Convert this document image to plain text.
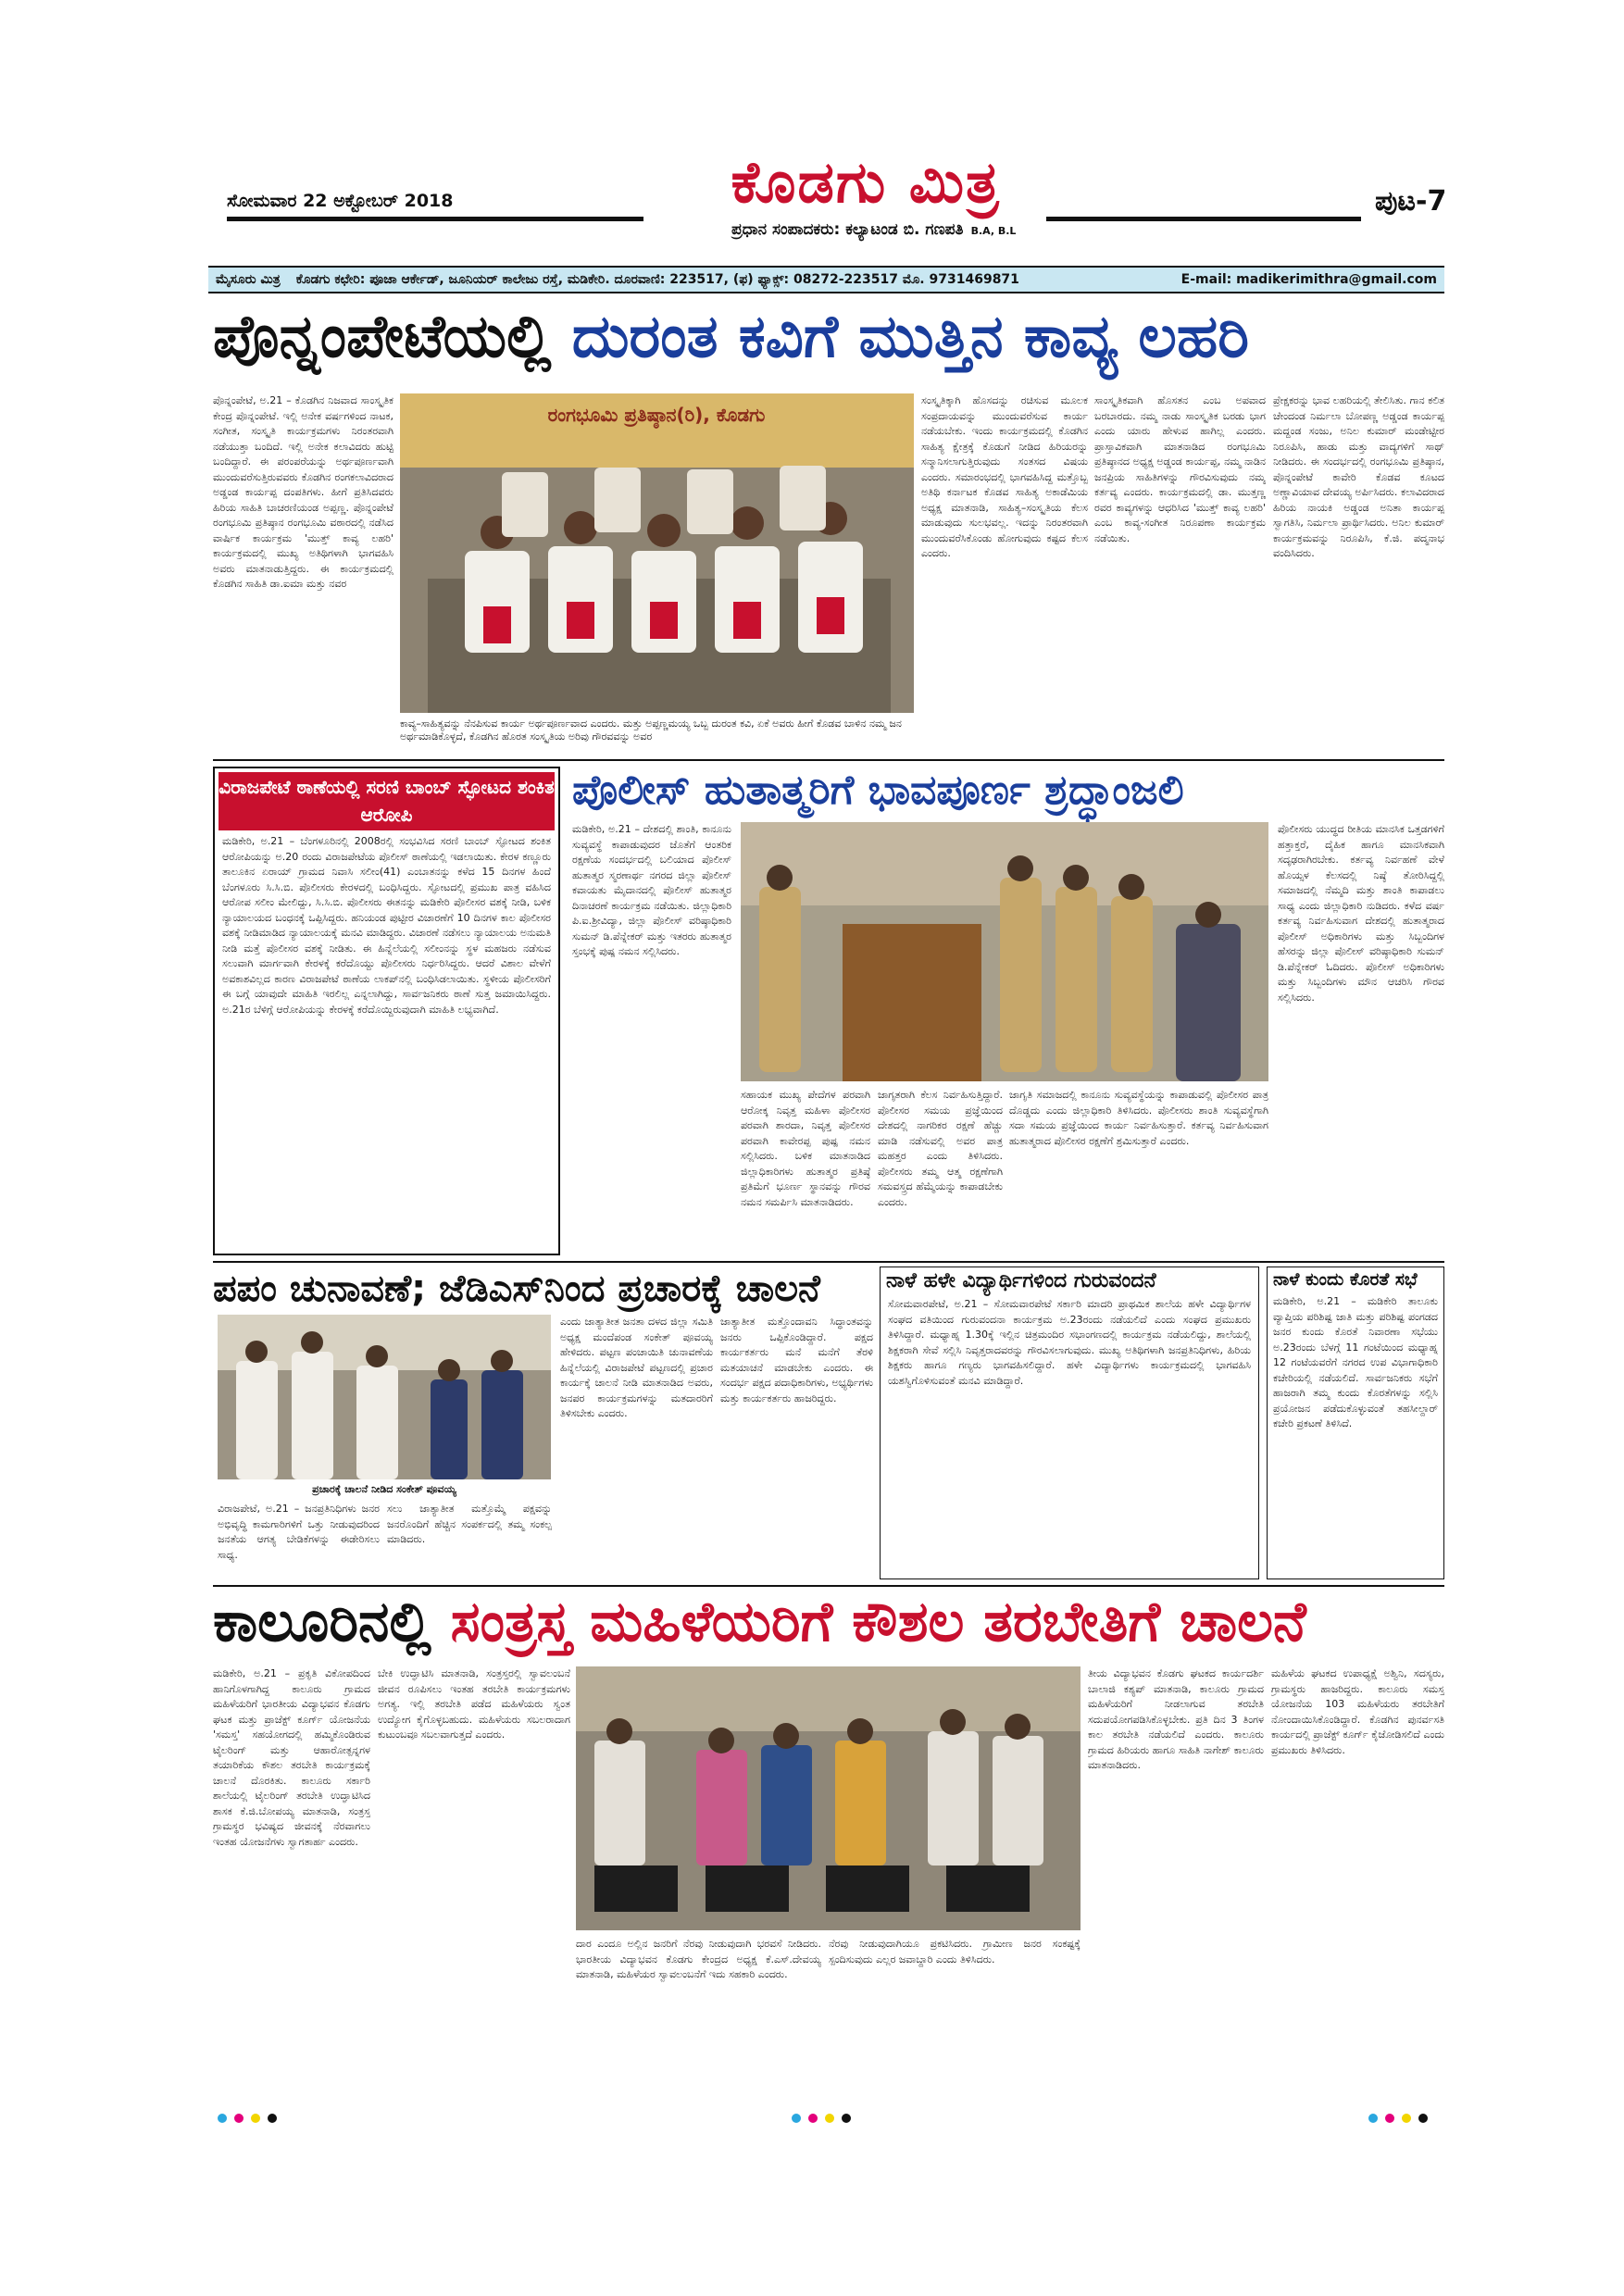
ಸೋಮವಾರ 22 ಅಕ್ಟೋಬರ್ 2018	ಕೊಡಗು ಮಿತ್ರ
ಪ್ರಧಾನ ಸಂಪಾದಕರು: ಕಲ್ಯಾಟಂಡ ಬಿ. ಗಣಪತಿ B.A, B.L
ಪುಟ-7
ಮೈಸೂರು ಮಿತ್ರ ಕೊಡಗು ಕಛೇರಿ: ಪೂಜಾ ಆರ್ಕೇಡ್, ಜೂನಿಯರ್ ಕಾಲೇಜು ರಸ್ತೆ, ಮಡಿಕೇರಿ. ದೂರವಾಣಿ: 223517, (ಫ) ಫ್ಯಾಕ್ಸ್: 08272-223517 ಮೊ. 9731469871	E-mail: madikerimithra@gmail.com
ಪೊನ್ನಂಪೇಟೆಯಲ್ಲಿ ದುರಂತ ಕವಿಗೆ ಮುತ್ತಿನ ಕಾವ್ಯ ಲಹರಿ
ಪೊನ್ನಂಪೇಟೆ, ಅ.21 – ಕೊಡಗಿನ ನಿಜವಾದ ಸಾಂಸ್ಕೃತಿಕ ಕೇಂದ್ರ ಪೊನ್ನಂಪೇಟೆ. ಇಲ್ಲಿ ಅನೇಕ ವರ್ಷಗಳಿಂದ ನಾಟಕ, ಸಂಗೀತ, ಸಂಸ್ಕೃತಿ ಕಾರ್ಯಕ್ರಮಗಳು ನಿರಂತರವಾಗಿ ನಡೆಯುತ್ತಾ ಬಂದಿದೆ. ಇಲ್ಲಿ ಅನೇಕ ಕಲಾವಿದರು ಹುಟ್ಟಿ ಬಂದಿದ್ದಾರೆ. ಈ ಪರಂಪರೆಯನ್ನು ಅರ್ಥಪೂರ್ಣವಾಗಿ ಮುಂದುವರೆಸುತ್ತಿರುವವರು ಕೊಡಗಿನ ರಂಗಕಲಾವಿದರಾದ ಅಡ್ಡಂಡ ಕಾರ್ಯಪ್ಪ ದಂಪತಿಗಳು. ಹೀಗೆ ಪ್ರತಿಸಿದವರು ಹಿರಿಯ ಸಾಹಿತಿ ಬಾಚರಣಿಯಂಡ ಅಪ್ಪಣ್ಣ. ಪೊನ್ನಂಪೇಟೆ ರಂಗಭೂಮಿ ಪ್ರತಿಷ್ಠಾನ ರಂಗಭೂಮಿ ವಠಾರದಲ್ಲಿ ನಡೆಸಿದ ವಾರ್ಷಿಕ ಕಾರ್ಯಕ್ರಮ 'ಮುತ್ತ್ ಕಾವ್ಯ ಲಹರಿ' ಕಾರ್ಯಕ್ರಮದಲ್ಲಿ ಮುಖ್ಯ ಅತಿಥಿಗಳಾಗಿ ಭಾಗವಹಿಸಿ ಅವರು ಮಾತನಾಡುತ್ತಿದ್ದರು. ಈ ಕಾರ್ಯಕ್ರಮದಲ್ಲಿ ಕೊಡಗಿನ ಸಾಹಿತಿ ಡಾ.ಐಮಾ ಮತ್ತು ನವರ
ರಂಗಭೂಮಿ ಪ್ರತಿಷ್ಠಾನ(ರಿ), ಕೊಡಗು
ಕಾವ್ಯ–ಸಾಹಿತ್ಯವನ್ನು ನೆನಪಿಸುವ ಕಾರ್ಯ ಅರ್ಥಪೂರ್ಣವಾದ ಎಂದರು. ಮತ್ತು ಅಪ್ಪಣ್ಣಮಯ್ಯ ಒಬ್ಬ ದುರಂತ ಕವಿ, ಏಕೆ ಅವರು ಹೀಗೆ ಕೊಡವ ಬಾಳಿನ ನಮ್ಮ ಜನ ಅರ್ಥಮಾಡಿಕೊಳ್ಳದೆ, ಕೊಡಗಿನ ಹೊರತ ಸಂಸ್ಕೃತಿಯ ಅರಿವು ಗೌರವವನ್ನು ಅವರ
ಸಂಸ್ಕೃತಿಕ್ಕಾಗಿ ಹೊಸದನ್ನು ರಚಿಸುವ ಮೂಲಕ ಸಂಪ್ರದಾಯವನ್ನು ಮುಂದುವರೆಸುವ ಕಾರ್ಯ ನಡೆಯಬೇಕು. ಇಂದು ಕಾರ್ಯಕ್ರಮದಲ್ಲಿ ಕೊಡಗಿನ ಸಾಹಿತ್ಯ ಕ್ಷೇತ್ರಕ್ಕೆ ಕೊಡುಗೆ ನೀಡಿದ ಹಿರಿಯರನ್ನು ಸನ್ಮಾನಿಸಲಾಗುತ್ತಿರುವುದು ಸಂತಸದ ವಿಷಯ ಎಂದರು. ಸಮಾರಂಭದಲ್ಲಿ ಭಾಗವಹಿಸಿದ್ದ ಮತ್ತೊಬ್ಬ ಅತಿಥಿ ಕರ್ನಾಟಕ ಕೊಡವ ಸಾಹಿತ್ಯ ಅಕಾಡೆಮಿಯ ಅಧ್ಯಕ್ಷ ಮಾತನಾಡಿ, ಸಾಹಿತ್ಯ–ಸಂಸ್ಕೃತಿಯ ಕೆಲಸ ಮಾಡುವುದು ಸುಲಭವಲ್ಲ. ಇದನ್ನು ನಿರಂತರವಾಗಿ ಮುಂದುವರೆಸಿಕೊಂಡು ಹೋಗುವುದು ಕಷ್ಟದ ಕೆಲಸ ಎಂದರು.
ಸಾಂಸ್ಕೃತಿಕವಾಗಿ ಹೊಸತನ ಎಂಬ ಅಪವಾದ ಬರಬಾರದು. ನಮ್ಮ ನಾಡು ಸಾಂಸ್ಕೃತಿಕ ಬರಡು ಭಾಗ ಎಂದು ಯಾರು ಹೇಳುವ ಹಾಗಿಲ್ಲ ಎಂದರು. ಪ್ರಾಸ್ತಾವಿಕವಾಗಿ ಮಾತನಾಡಿದ ರಂಗಭೂಮಿ ಪ್ರತಿಷ್ಠಾನದ ಅಧ್ಯಕ್ಷ ಅಡ್ಡಂಡ ಕಾರ್ಯಪ್ಪ, ನಮ್ಮ ನಾಡಿನ ಜನಪ್ರಿಯ ಸಾಹಿತಿಗಳನ್ನು ಗೌರವಿಸುವುದು ನಮ್ಮ ಕರ್ತವ್ಯ ಎಂದರು. ಕಾರ್ಯಕ್ರಮದಲ್ಲಿ ಡಾ. ಮುತ್ತಣ್ಣ ರವರ ಕಾವ್ಯಗಳನ್ನು ಆಧರಿಸಿದ 'ಮುತ್ತ್ ಕಾವ್ಯ ಲಹರಿ' ಎಂಬ ಕಾವ್ಯ-ಸಂಗೀತ ನಿರೂಪಣಾ ಕಾರ್ಯಕ್ರಮ ನಡೆಯಿತು.
ಪ್ರೇಕ್ಷಕರನ್ನು ಭಾವ ಲಹರಿಯಲ್ಲಿ ತೇಲಿಸಿತು. ಗಾನ ಕಲಿತ ಚೇಂದಂಡ ನಿರ್ಮಲಾ ಬೋಪಣ್ಣ ಅಡ್ಡಂಡ ಕಾರ್ಯಪ್ಪ ಮದ್ದಂಡ ಸಂಜು, ಅನಿಲ ಕುಮಾರ್ ಮಂಡೇಟ್ಟೀರ ನಿರೂಪಿಸಿ, ಹಾಡು ಮತ್ತು ವಾದ್ಯಗಳಿಗೆ ಸಾಥ್ ನೀಡಿದರು. ಈ ಸಂದರ್ಭದಲ್ಲಿ ರಂಗಭೂಮಿ ಪ್ರತಿಷ್ಠಾನ, ಪೊನ್ನಂಪೇಟೆ ಕಾವೇರಿ ಕೊಡವ ಕೂಟದ ಅಣ್ಣಾವಿಯಾವ ದೇವಯ್ಯ ಅರ್ಪಿಸಿದರು. ಕಲಾವಿದರಾದ ಹಿರಿಯ ನಾಯಕಿ ಅಡ್ಡಂಡ ಅನಿತಾ ಕಾರ್ಯಪ್ಪ ಸ್ವಾಗತಿಸಿ, ನಿರ್ಮಲಾ ಪ್ರಾರ್ಥಿಸಿದರು. ಅನಿಲ ಕುಮಾರ್ ಕಾರ್ಯಕ್ರಮವನ್ನು ನಿರೂಪಿಸಿ, ಕೆ.ಜಿ. ಪದ್ಮನಾಭ ವಂದಿಸಿದರು.
ವಿರಾಜಪೇಟೆ ಠಾಣೆಯಲ್ಲಿ ಸರಣಿ ಬಾಂಬ್ ಸ್ಫೋಟದ ಶಂಕಿತ ಆರೋಪಿ
ಮಡಿಕೇರಿ, ಅ.21 – ಬೆಂಗಳೂರಿನಲ್ಲಿ 2008ರಲ್ಲಿ ಸಂಭವಿಸಿದ ಸರಣಿ ಬಾಂಬ್ ಸ್ಫೋಟದ ಶಂಕಿತ ಆರೋಪಿಯನ್ನು ಅ.20 ರಂದು ವಿರಾಜಪೇಟೆಯ ಪೊಲೀಸ್ ಠಾಣೆಯಲ್ಲಿ ಇಡಲಾಯಿತು. ಕೇರಳ ಕಣ್ಣೂರು ತಾಲೂಕಿನ ಏರಾಯ್ ಗ್ರಾಮದ ನಿವಾಸಿ ಸಲೀಂ(41) ಎಂಬಾತನನ್ನು ಕಳೆದ 15 ದಿನಗಳ ಹಿಂದೆ ಬೆಂಗಳೂರು ಸಿ.ಸಿ.ಬಿ. ಪೊಲೀಸರು ಕೇರಳದಲ್ಲಿ ಬಂಧಿಸಿದ್ದರು. ಸ್ಫೋಟದಲ್ಲಿ ಪ್ರಮುಖ ಪಾತ್ರ ವಹಿಸಿದ ಆರೋಪ ಸಲೀಂ ಮೇಲಿದ್ದು, ಸಿ.ಸಿ.ಬಿ. ಪೊಲೀಸರು ಈತನನ್ನು ಮಡಿಕೇರಿ ಪೊಲೀಸರ ವಶಕ್ಕೆ ನೀಡಿ, ಬಳಿಕ ನ್ಯಾಯಾಲಯದ ಬಂಧನಕ್ಕೆ ಒಪ್ಪಿಸಿದ್ದರು. ಹನಿಯಂಡ ಪುಟ್ಟೀರ ವಿಚಾರಣೆಗೆ 10 ದಿನಗಳ ಕಾಲ ಪೊಲೀಸರ ವಶಕ್ಕೆ ನೀಡಿಮಾಡಿದ ನ್ಯಾಯಾಲಯಕ್ಕೆ ಮನವಿ ಮಾಡಿದ್ದರು. ವಿಚಾರಣೆ ನಡೆಸಲು ನ್ಯಾಯಾಲಯ ಅನುಮತಿ ನೀಡಿ ಮತ್ತೆ ಪೊಲೀಸರ ವಶಕ್ಕೆ ನೀಡಿತು. ಈ ಹಿನ್ನೆಲೆಯಲ್ಲಿ ಸಲೀಂನನ್ನು ಸ್ಥಳ ಮಹಜರು ನಡೆಸುವ ಸಲುವಾಗಿ ಮಾರ್ಗವಾಗಿ ಕೇರಳಕ್ಕೆ ಕರೆದೊಯ್ದು ಪೊಲೀಸರು ನಿರ್ಧರಿಸಿದ್ದರು. ಆದರೆ ವಿಶಾಲ ವೇಳೆಗೆ ಅವಕಾಶವಿಲ್ಲದ ಕಾರಣ ವಿರಾಜಪೇಟೆ ಠಾಣೆಯ ಲಾಕಪ್‌ನಲ್ಲಿ ಬಂಧಿಸಿಡಲಾಯಿತು. ಸ್ಥಳೀಯ ಪೊಲೀಸರಿಗೆ ಈ ಬಗ್ಗೆ ಯಾವುದೇ ಮಾಹಿತಿ ಇರಲಿಲ್ಲ ಎನ್ನಲಾಗಿದ್ದು, ಸಾರ್ವಜನಿಕರು ಠಾಣೆ ಸುತ್ತ ಜಮಾಯಿಸಿದ್ದರು. ಅ.21ರ ಬೆಳಿಗ್ಗೆ ಆರೋಪಿಯನ್ನು ಕೇರಳಕ್ಕೆ ಕರೆದೊಯ್ದಿರುವುದಾಗಿ ಮಾಹಿತಿ ಲಭ್ಯವಾಗಿದೆ.
ಪೊಲೀಸ್ ಹುತಾತ್ಮರಿಗೆ ಭಾವಪೂರ್ಣ ಶ್ರದ್ಧಾಂಜಲಿ
ಮಡಿಕೇರಿ, ಅ.21 – ದೇಶದಲ್ಲಿ ಶಾಂತಿ, ಕಾನೂನು ಸುವ್ಯವಸ್ಥೆ ಕಾಪಾಡುವುದರ ಜೊತೆಗೆ ಆಂತರಿಕ ರಕ್ಷಣೆಯ ಸಂದರ್ಭದಲ್ಲಿ ಬಲಿಯಾದ ಪೊಲೀಸ್ ಹುತಾತ್ಮರ ಸ್ಮರಣಾರ್ಥ ನಗರದ ಜಿಲ್ಲಾ ಪೊಲೀಸ್ ಕವಾಯತು ಮೈದಾನದಲ್ಲಿ ಪೊಲೀಸ್ ಹುತಾತ್ಮರ ದಿನಾಚರಣೆ ಕಾರ್ಯಕ್ರಮ ನಡೆಯಿತು. ಜಿಲ್ಲಾಧಿಕಾರಿ ಪಿ.ಐ.ಶ್ರೀವಿದ್ಯಾ, ಜಿಲ್ಲಾ ಪೊಲೀಸ್ ವರಿಷ್ಠಾಧಿಕಾರಿ ಸುಮನ್ ಡಿ.ಪೆನ್ನೇಕರ್ ಮತ್ತು ಇತರರು ಹುತಾತ್ಮರ ಸ್ತಂಭಕ್ಕೆ ಪುಷ್ಪ ನಮನ ಸಲ್ಲಿಸಿದರು.
ಸಹಾಯಕ ಮುಖ್ಯ ಪೇದೆಗಳ ಪರವಾಗಿ ಆರೋಕ್ಕ ನಿವೃತ್ತ ಮಹಿಳಾ ಪೊಲೀಸರ ಪರವಾಗಿ ಶಾರದಾ, ನಿವೃತ್ತ ಪೊಲೀಸರ ಪರವಾಗಿ ಕಾವೇರಪ್ಪ ಪುಷ್ಪ ನಮನ ಸಲ್ಲಿಸಿದರು. ಬಳಿಕ ಮಾತನಾಡಿದ ಜಿಲ್ಲಾಧಿಕಾರಿಗಳು ಹುತಾತ್ಮರ ಪ್ರತಿಷ್ಠೆ ಪ್ರತಿಮೆಗೆ ಭೂರ್ಣ ಸ್ಥಾನವನ್ನು ಗೌರವ ನಮನ ಸಮರ್ಪಿಸಿ ಮಾತನಾಡಿದರು.
ಜಾಗೃತರಾಗಿ ಕೆಲಸ ನಿರ್ವಹಿಸುತ್ತಿದ್ದಾರೆ. ಪೊಲೀಸರ ಸಮಯ ಪ್ರಜ್ಞೆಯಿಂದ ದೇಶದಲ್ಲಿ ನಾಗರಿಕರ ರಕ್ಷಣೆ ಹೆಚ್ಚು ಮಾಡಿ ನಡೆಸುವಲ್ಲಿ ಅವರ ಪಾತ್ರ ಮಹತ್ತರ ಎಂದು ತಿಳಿಸಿದರು. ಪೊಲೀಸರು ತಮ್ಮ ಆತ್ಮ ರಕ್ಷಣೆಗಾಗಿ ಸಮವಸ್ತ್ರದ ಹೆಮ್ಮೆಯನ್ನು ಕಾಪಾಡಬೇಕು ಎಂದರು.
ಜಾಗೃತಿ ಸಮಾಜದಲ್ಲಿ ಕಾನೂನು ಸುವ್ಯವಸ್ಥೆಯನ್ನು ಕಾಪಾಡುವಲ್ಲಿ ಪೊಲೀಸರ ಪಾತ್ರ ದೊಡ್ಡದು ಎಂದು ಜಿಲ್ಲಾಧಿಕಾರಿ ತಿಳಿಸಿದರು. ಪೊಲೀಸರು ಶಾಂತಿ ಸುವ್ಯವಸ್ಥೆಗಾಗಿ ಸದಾ ಸಮಯ ಪ್ರಜ್ಞೆಯಿಂದ ಕಾರ್ಯ ನಿರ್ವಹಿಸುತ್ತಾರೆ. ಕರ್ತವ್ಯ ನಿರ್ವಹಿಸುವಾಗ ಹುತಾತ್ಮರಾದ ಪೊಲೀಸರ ರಕ್ಷಣೆಗೆ ಶ್ರಮಿಸುತ್ತಾರೆ ಎಂದರು.
ಪೊಲೀಸರು ಯುದ್ಧದ ರೀತಿಯ ಮಾನಸಿಕ ಒತ್ತಡಗಳಿಗೆ ಹತ್ತಾಕ್ತರೆ, ದೈಹಿಕ ಹಾಗೂ ಮಾನಸಿಕವಾಗಿ ಸದೃಢರಾಗಿರಬೇಕು. ಕರ್ತವ್ಯ ನಿರ್ವಹಣೆ ವೇಳೆ ಹೊಯ್ಸಳ ಕೆಲಸದಲ್ಲಿ ನಿಷ್ಠೆ ತೋರಿಸಿದ್ದಲ್ಲಿ ಸಮಾಜದಲ್ಲಿ ನೆಮ್ಮದಿ ಮತ್ತು ಶಾಂತಿ ಕಾಪಾಡಲು ಸಾಧ್ಯ ಎಂದು ಜಿಲ್ಲಾಧಿಕಾರಿ ನುಡಿದರು. ಕಳೆದ ವರ್ಷ ಕರ್ತವ್ಯ ನಿರ್ವಹಿಸುವಾಗ ದೇಶದಲ್ಲಿ ಹುತಾತ್ಮರಾದ ಪೊಲೀಸ್ ಅಧಿಕಾರಿಗಳು ಮತ್ತು ಸಿಬ್ಬಂದಿಗಳ ಹೆಸರನ್ನು ಜಿಲ್ಲಾ ಪೊಲೀಸ್ ವರಿಷ್ಠಾಧಿಕಾರಿ ಸುಮನ್ ಡಿ.ಪೆನ್ನೇಕರ್ ಓದಿದರು. ಪೊಲೀಸ್ ಅಧಿಕಾರಿಗಳು ಮತ್ತು ಸಿಬ್ಬಂದಿಗಳು ಮೌನ ಆಚರಿಸಿ ಗೌರವ ಸಲ್ಲಿಸಿದರು.
ಪಪಂ ಚುನಾವಣೆ; ಜೆಡಿಎಸ್‌ನಿಂದ ಪ್ರಚಾರಕ್ಕೆ ಚಾಲನೆ
ಪ್ರಚಾರಕ್ಕೆ ಚಾಲನೆ ನೀಡಿದ ಸಂಕೇತ್ ಪೂವಯ್ಯ
ವಿರಾಜಪೇಟೆ, ಅ.21 – ಜನಪ್ರತಿನಿಧಿಗಳು ಜನರ ಅಭಿವೃದ್ಧಿ ಕಾಮಗಾರಿಗಳಿಗೆ ಒತ್ತು ನೀಡುವುದರಿಂದ ಜನತೆಯ ಆಗತ್ಯ ಬೇಡಿಕೆಗಳನ್ನು ಈಡೇರಿಸಲು ಸಾಧ್ಯ.
ಸಲು ಜಾತ್ಯಾತೀತ ಮತ್ತೊಮ್ಮೆ ಪಕ್ಷವನ್ನು ಜನರೊಂದಿಗೆ ಹೆಚ್ಚಿನ ಸಂಪರ್ಕದಲ್ಲಿ ತಮ್ಮ ಸಂಕಲ್ಪ ಮಾಡಿದರು.
ಎಂದು ಜಾತ್ಯಾತೀತ ಜನತಾ ದಳದ ಜಿಲ್ಲಾ ಸಮಿತಿ ಅಧ್ಯಕ್ಷ ಮಂದೆಪಂಡ ಸಂಕೇತ್ ಪೂವಯ್ಯ ಹೇಳಿದರು. ಪಟ್ಟಣ ಪಂಚಾಯಿತಿ ಚುನಾವಣೆಯ ಹಿನ್ನೆಲೆಯಲ್ಲಿ ವಿರಾಜಪೇಟೆ ಪಟ್ಟಣದಲ್ಲಿ ಪ್ರಚಾರ ಕಾರ್ಯಕ್ಕೆ ಚಾಲನೆ ನೀಡಿ ಮಾತನಾಡಿದ ಅವರು, ಜನಪರ ಕಾರ್ಯಕ್ರಮಗಳನ್ನು ಮತದಾರರಿಗೆ ತಿಳಿಸಬೇಕು ಎಂದರು.
ಜಾತ್ಯಾತೀತ ಮತ್ತೊಂದಾವನಿ ಸಿದ್ಧಾಂತವನ್ನು ಜನರು ಒಪ್ಪಿಕೊಂಡಿದ್ದಾರೆ. ಪಕ್ಷದ ಕಾರ್ಯಕರ್ತರು ಮನೆ ಮನೆಗೆ ತೆರಳಿ ಮತಯಾಚನೆ ಮಾಡಬೇಕು ಎಂದರು. ಈ ಸಂದರ್ಭ ಪಕ್ಷದ ಪದಾಧಿಕಾರಿಗಳು, ಅಭ್ಯರ್ಥಿಗಳು ಮತ್ತು ಕಾರ್ಯಕರ್ತರು ಹಾಜರಿದ್ದರು.
ನಾಳೆ ಹಳೇ ವಿದ್ಯಾರ್ಥಿಗಳಿಂದ ಗುರುವಂದನೆ
ಸೋಮವಾರಪೇಟೆ, ಅ.21 – ಸೋಮವಾರಪೇಟೆ ಸರ್ಕಾರಿ ಮಾದರಿ ಪ್ರಾಥಮಿಕ ಶಾಲೆಯ ಹಳೇ ವಿದ್ಯಾರ್ಥಿಗಳ ಸಂಘದ ವತಿಯಿಂದ ಗುರುವಂದನಾ ಕಾರ್ಯಕ್ರಮ ಅ.23ರಂದು ನಡೆಯಲಿದೆ ಎಂದು ಸಂಘದ ಪ್ರಮುಖರು ತಿಳಿಸಿದ್ದಾರೆ. ಮಧ್ಯಾಹ್ನ 1.30ಕ್ಕೆ ಇಲ್ಲಿನ ಚಿತ್ರಮಂದಿರ ಸಭಾಂಗಣದಲ್ಲಿ ಕಾರ್ಯಕ್ರಮ ನಡೆಯಲಿದ್ದು, ಶಾಲೆಯಲ್ಲಿ ಶಿಕ್ಷಕರಾಗಿ ಸೇವೆ ಸಲ್ಲಿಸಿ ನಿವೃತ್ತರಾದವರನ್ನು ಗೌರವಿಸಲಾಗುವುದು. ಮುಖ್ಯ ಅತಿಥಿಗಳಾಗಿ ಜನಪ್ರತಿನಿಧಿಗಳು, ಹಿರಿಯ ಶಿಕ್ಷಕರು ಹಾಗೂ ಗಣ್ಯರು ಭಾಗವಹಿಸಲಿದ್ದಾರೆ. ಹಳೇ ವಿದ್ಯಾರ್ಥಿಗಳು ಕಾರ್ಯಕ್ರಮದಲ್ಲಿ ಭಾಗವಹಿಸಿ ಯಶಸ್ವಿಗೊಳಿಸುವಂತೆ ಮನವಿ ಮಾಡಿದ್ದಾರೆ.
ನಾಳೆ ಕುಂದು ಕೊರತೆ ಸಭೆ
ಮಡಿಕೇರಿ, ಅ.21 – ಮಡಿಕೇರಿ ತಾಲೂಕು ವ್ಯಾಪ್ತಿಯ ಪರಿಶಿಷ್ಟ ಜಾತಿ ಮತ್ತು ಪರಿಶಿಷ್ಟ ಪಂಗಡದ ಜನರ ಕುಂದು ಕೊರತೆ ನಿವಾರಣಾ ಸಭೆಯು ಅ.23ರಂದು ಬೆಳಗ್ಗೆ 11 ಗಂಟೆಯಿಂದ ಮಧ್ಯಾಹ್ನ 12 ಗಂಟೆಯವರೆಗೆ ನಗರದ ಉಪ ವಿಭಾಗಾಧಿಕಾರಿ ಕಚೇರಿಯಲ್ಲಿ ನಡೆಯಲಿದೆ. ಸಾರ್ವಜನಿಕರು ಸಭೆಗೆ ಹಾಜರಾಗಿ ತಮ್ಮ ಕುಂದು ಕೊರತೆಗಳನ್ನು ಸಲ್ಲಿಸಿ ಪ್ರಯೋಜನ ಪಡೆದುಕೊಳ್ಳುವಂತೆ ತಹಸೀಲ್ದಾರ್ ಕಚೇರಿ ಪ್ರಕಟಣೆ ತಿಳಿಸಿದೆ.
ಕಾಲೂರಿನಲ್ಲಿ ಸಂತ್ರಸ್ತ ಮಹಿಳೆಯರಿಗೆ ಕೌಶಲ ತರಬೇತಿಗೆ ಚಾಲನೆ
ಮಡಿಕೇರಿ, ಅ.21 – ಪ್ರಕೃತಿ ವಿಕೋಪದಿಂದ ಹಾನಿಗೊಳಗಾಗಿದ್ದ ಕಾಲೂರು ಗ್ರಾಮದ ಮಹಿಳೆಯರಿಗೆ ಭಾರತೀಯ ವಿದ್ಯಾಭವನ ಕೊಡಗು ಘಟಕ ಮತ್ತು ಪ್ರಾಜೆಕ್ಟ್ ಕೂರ್ಗ್ ಯೋಜನೆಯ 'ಸಮಸ್ತ' ಸಹಯೋಗದಲ್ಲಿ ಹಮ್ಮಿಕೊಂಡಿರುವ ಟೈಲರಿಂಗ್ ಮತ್ತು ಆಹಾರೋತ್ಪನ್ನಗಳ ತಯಾರಿಕೆಯ ಕೌಶಲ ತರಬೇತಿ ಕಾರ್ಯಕ್ರಮಕ್ಕೆ ಚಾಲನೆ ದೊರಕಿತು. ಕಾಲೂರು ಸರ್ಕಾರಿ ಶಾಲೆಯಲ್ಲಿ ಟೈಲರಿಂಗ್ ತರಬೇತಿ ಉದ್ಘಾಟಿಸಿದ ಶಾಸಕ ಕೆ.ಜಿ.ಬೋಪಯ್ಯ ಮಾತನಾಡಿ, ಸಂತ್ರಸ್ತ ಗ್ರಾಮಸ್ಥರ ಭವಿಷ್ಯದ ಜೀವನಕ್ಕೆ ನೆರವಾಗಲು ಇಂತಹ ಯೋಜನೆಗಳು ಸ್ವಾಗತಾರ್ಹ ಎಂದರು.
ಬೇಕಿ ಉದ್ಘಾಟಿಸಿ ಮಾತನಾಡಿ, ಸಂತ್ರಸ್ತರಲ್ಲಿ ಸ್ವಾವಲಂಬನೆ ಜೀವನ ರೂಪಿಸಲು ಇಂತಹ ತರಬೇತಿ ಕಾರ್ಯಕ್ರಮಗಳು ಅಗತ್ಯ. ಇಲ್ಲಿ ತರಬೇತಿ ಪಡೆದ ಮಹಿಳೆಯರು ಸ್ವಂತ ಉದ್ಯೋಗ ಕೈಗೊಳ್ಳಬಹುದು. ಮಹಿಳೆಯರು ಸಬಲರಾದಾಗ ಕುಟುಂಬವೂ ಸಬಲವಾಗುತ್ತದೆ ಎಂದರು.
ದಾರ ಎಂದೂ ಅಲ್ಲಿನ ಜನರಿಗೆ ನೆರವು ನೀಡುವುದಾಗಿ ಭರವಸೆ ನೀಡಿದರು. ಭಾರತೀಯ ವಿದ್ಯಾಭವನ ಕೊಡಗು ಕೇಂದ್ರದ ಅಧ್ಯಕ್ಷ ಕೆ.ಎಸ್.ದೇವಯ್ಯ ಮಾತನಾಡಿ, ಮಹಿಳೆಯರ ಸ್ವಾವಲಂಬನೆಗೆ ಇದು ಸಹಕಾರಿ ಎಂದರು.
ನೆರವು ನೀಡುವುದಾಗಿಯೂ ಪ್ರಕಟಿಸಿದರು. ಗ್ರಾಮೀಣ ಜನರ ಸಂಕಷ್ಟಕ್ಕೆ ಸ್ಪಂದಿಸುವುದು ಎಲ್ಲರ ಜವಾಬ್ದಾರಿ ಎಂದು ತಿಳಿಸಿದರು.
ತೀಯ ವಿದ್ಯಾಭವನ ಕೊಡಗು ಘಟಕದ ಕಾರ್ಯದರ್ಶಿ ಬಾಲಾಜಿ ಕಶ್ಯಪ್ ಮಾತನಾಡಿ, ಕಾಲೂರು ಗ್ರಾಮದ ಮಹಿಳೆಯರಿಗೆ ನೀಡಲಾಗುವ ತರಬೇತಿ ಸದುಪಯೋಗಪಡಿಸಿಕೊಳ್ಳಬೇಕು. ಪ್ರತಿ ದಿನ 3 ತಿಂಗಳ ಕಾಲ ತರಬೇತಿ ನಡೆಯಲಿದೆ ಎಂದರು. ಕಾಲೂರು ಗ್ರಾಮದ ಹಿರಿಯರು ಹಾಗೂ ಸಾಹಿತಿ ನಾಗೇಶ್ ಕಾಲೂರು ಮಾತನಾಡಿದರು.
ಮಹಿಳೆಯ ಘಟಕದ ಉಪಾಧ್ಯಕ್ಷೆ ಅಶ್ವಿನಿ, ಸದಸ್ಯರು, ಗ್ರಾಮಸ್ಥರು ಹಾಜರಿದ್ದರು. ಕಾಲೂರು ಸಮಸ್ತ ಯೋಜನೆಯ 103 ಮಹಿಳೆಯರು ತರಬೇತಿಗೆ ನೋಂದಾಯಿಸಿಕೊಂಡಿದ್ದಾರೆ. ಕೊಡಗಿನ ಪುನರ್ವಸತಿ ಕಾರ್ಯದಲ್ಲಿ ಪ್ರಾಜೆಕ್ಟ್ ಕೂರ್ಗ್ ಕೈಜೋಡಿಸಲಿದೆ ಎಂದು ಪ್ರಮುಖರು ತಿಳಿಸಿದರು.
